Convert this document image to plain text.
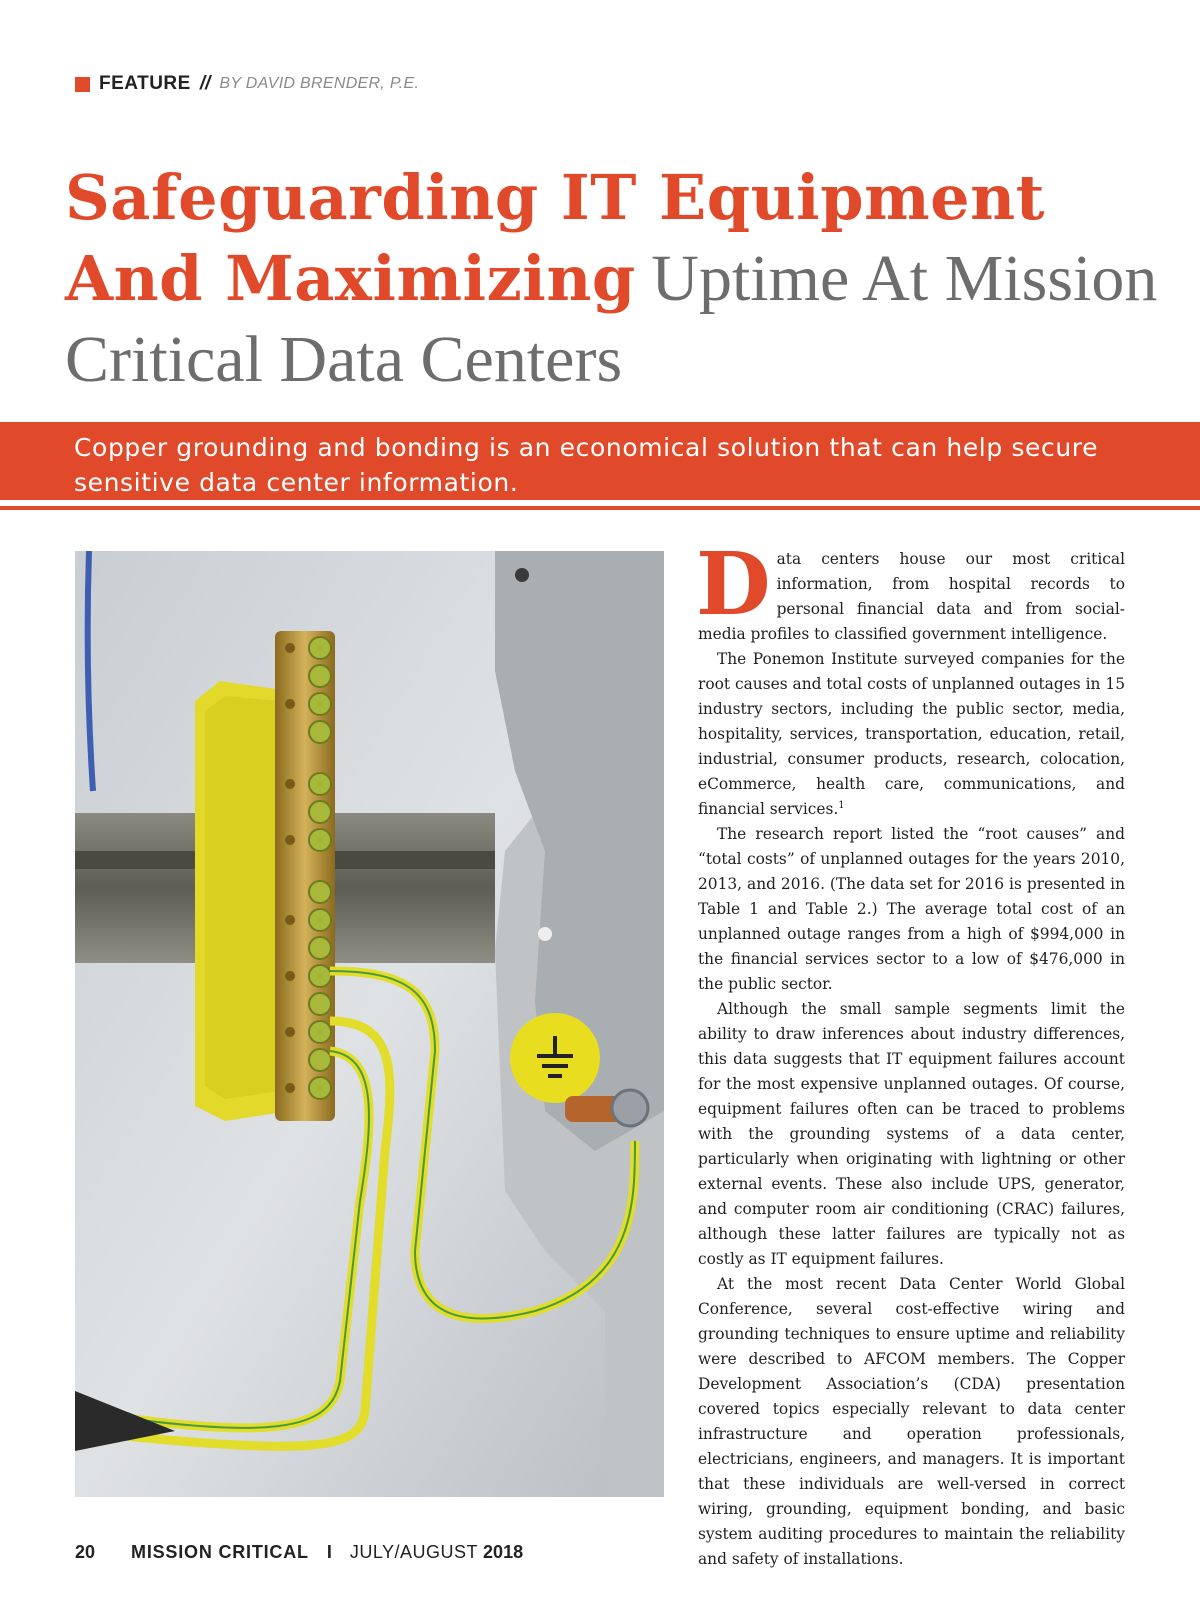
FEATURE // BY DAVID BRENDER, P.E.
Safeguarding IT Equipment And Maximizing Uptime At Mission Critical Data Centers

Copper grounding and bonding is an economical solution that can help secure sensitive data center information.

Data centers house our most critical information, from hospital records to personal financial data and from social-media profiles to classified government intelligence.

The Ponemon Institute surveyed companies for the root causes and total costs of unplanned outages in 15 industry sectors, including the public sector, media, hospitality, services, transportation, education, retail, industrial, consumer products, research, colocation, eCommerce, health care, communications, and financial services.$^1$

The research report listed the “root causes” and “total costs” of unplanned outages for the years 2010, 2013, and 2016. (The data set for 2016 is presented in Table 1 and Table 2.) The average total cost of an unplanned outage ranges from a high of $994,000 in the financial services sector to a low of $476,000 in the public sector.

Although the small sample segments limit the ability to draw inferences about industry differences, this data suggests that IT equipment failures account for the most expensive unplanned outages. Of course, equipment failures often can be traced to problems with the grounding systems of a data center, particularly when originating with lightning or other external events. These also include UPS, generator, and computer room air conditioning (CRAC) failures, although these latter failures are typically not as costly as IT equipment failures.

At the most recent Data Center World Global Conference, several cost-effective wiring and grounding techniques to ensure uptime and reliability were described to AFCOM members. The Copper Development Association’s (CDA) presentation covered topics especially relevant to data center infrastructure and operation professionals, electricians, engineers, and managers. It is important that these individuals are well-versed in correct wiring, grounding, equipment bonding, and basic system auditing procedures to maintain the reliability and safety of installations.

20 MISSION CRITICAL I JULY/AUGUST 2018
